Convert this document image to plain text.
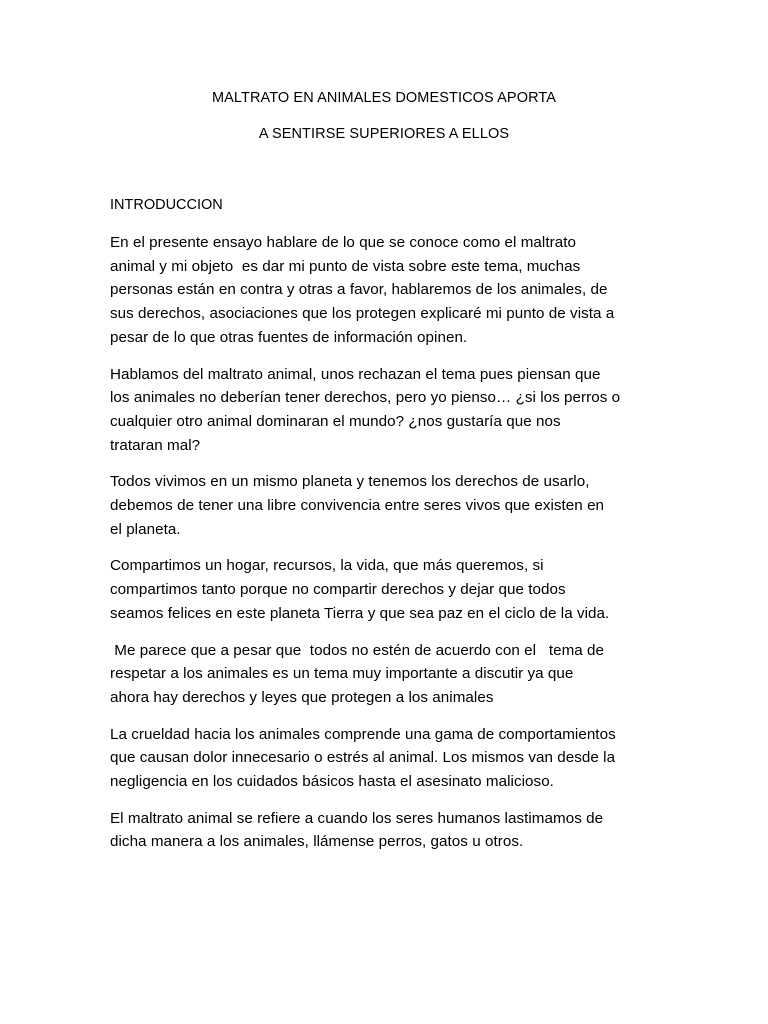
MALTRATO EN ANIMALES DOMESTICOS APORTA
A SENTIRSE SUPERIORES A ELLOS
INTRODUCCION

En el presente ensayo hablare de lo que se conoce como el maltrato
animal y mi objeto  es dar mi punto de vista sobre este tema, muchas
personas están en contra y otras a favor, hablaremos de los animales, de
sus derechos, asociaciones que los protegen explicaré mi punto de vista a
pesar de lo que otras fuentes de información opinen.

Hablamos del maltrato animal, unos rechazan el tema pues piensan que
los animales no deberían tener derechos, pero yo pienso… ¿si los perros o
cualquier otro animal dominaran el mundo? ¿nos gustaría que nos
trataran mal?

Todos vivimos en un mismo planeta y tenemos los derechos de usarlo,
debemos de tener una libre convivencia entre seres vivos que existen en
el planeta.

Compartimos un hogar, recursos, la vida, que más queremos, si
compartimos tanto porque no compartir derechos y dejar que todos
seamos felices en este planeta Tierra y que sea paz en el ciclo de la vida.

Me parece que a pesar que  todos no estén de acuerdo con el   tema de
respetar a los animales es un tema muy importante a discutir ya que
ahora hay derechos y leyes que protegen a los animales

La crueldad hacia los animales comprende una gama de comportamientos
que causan dolor innecesario o estrés al animal. Los mismos van desde la
negligencia en los cuidados básicos hasta el asesinato malicioso.

El maltrato animal se refiere a cuando los seres humanos lastimamos de
dicha manera a los animales, llámense perros, gatos u otros.
